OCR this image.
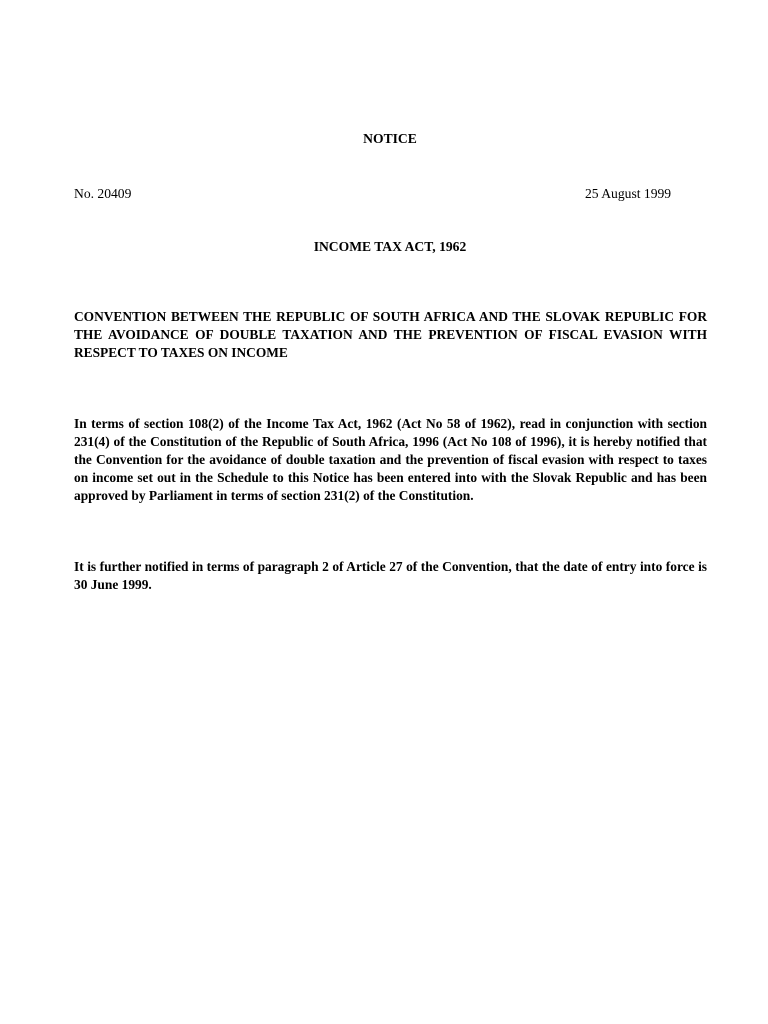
NOTICE
No. 20409	25 August 1999
INCOME TAX ACT, 1962
CONVENTION BETWEEN THE REPUBLIC OF SOUTH AFRICA AND THE SLOVAK REPUBLIC FOR THE AVOIDANCE OF DOUBLE TAXATION AND THE PREVENTION OF FISCAL EVASION WITH RESPECT TO TAXES ON INCOME

In terms of section 108(2) of the Income Tax Act, 1962 (Act No 58 of 1962), read in conjunction with section 231(4) of the Constitution of the Republic of South Africa, 1996 (Act No 108 of 1996), it is hereby notified that the Convention for the avoidance of double taxation and the prevention of fiscal evasion with respect to taxes on income set out in the Schedule to this Notice has been entered into with the Slovak Republic and has been approved by Parliament in terms of section 231(2) of the Constitution.

It is further notified in terms of paragraph 2 of Article 27 of the Convention, that the date of entry into force is 30 June 1999.
